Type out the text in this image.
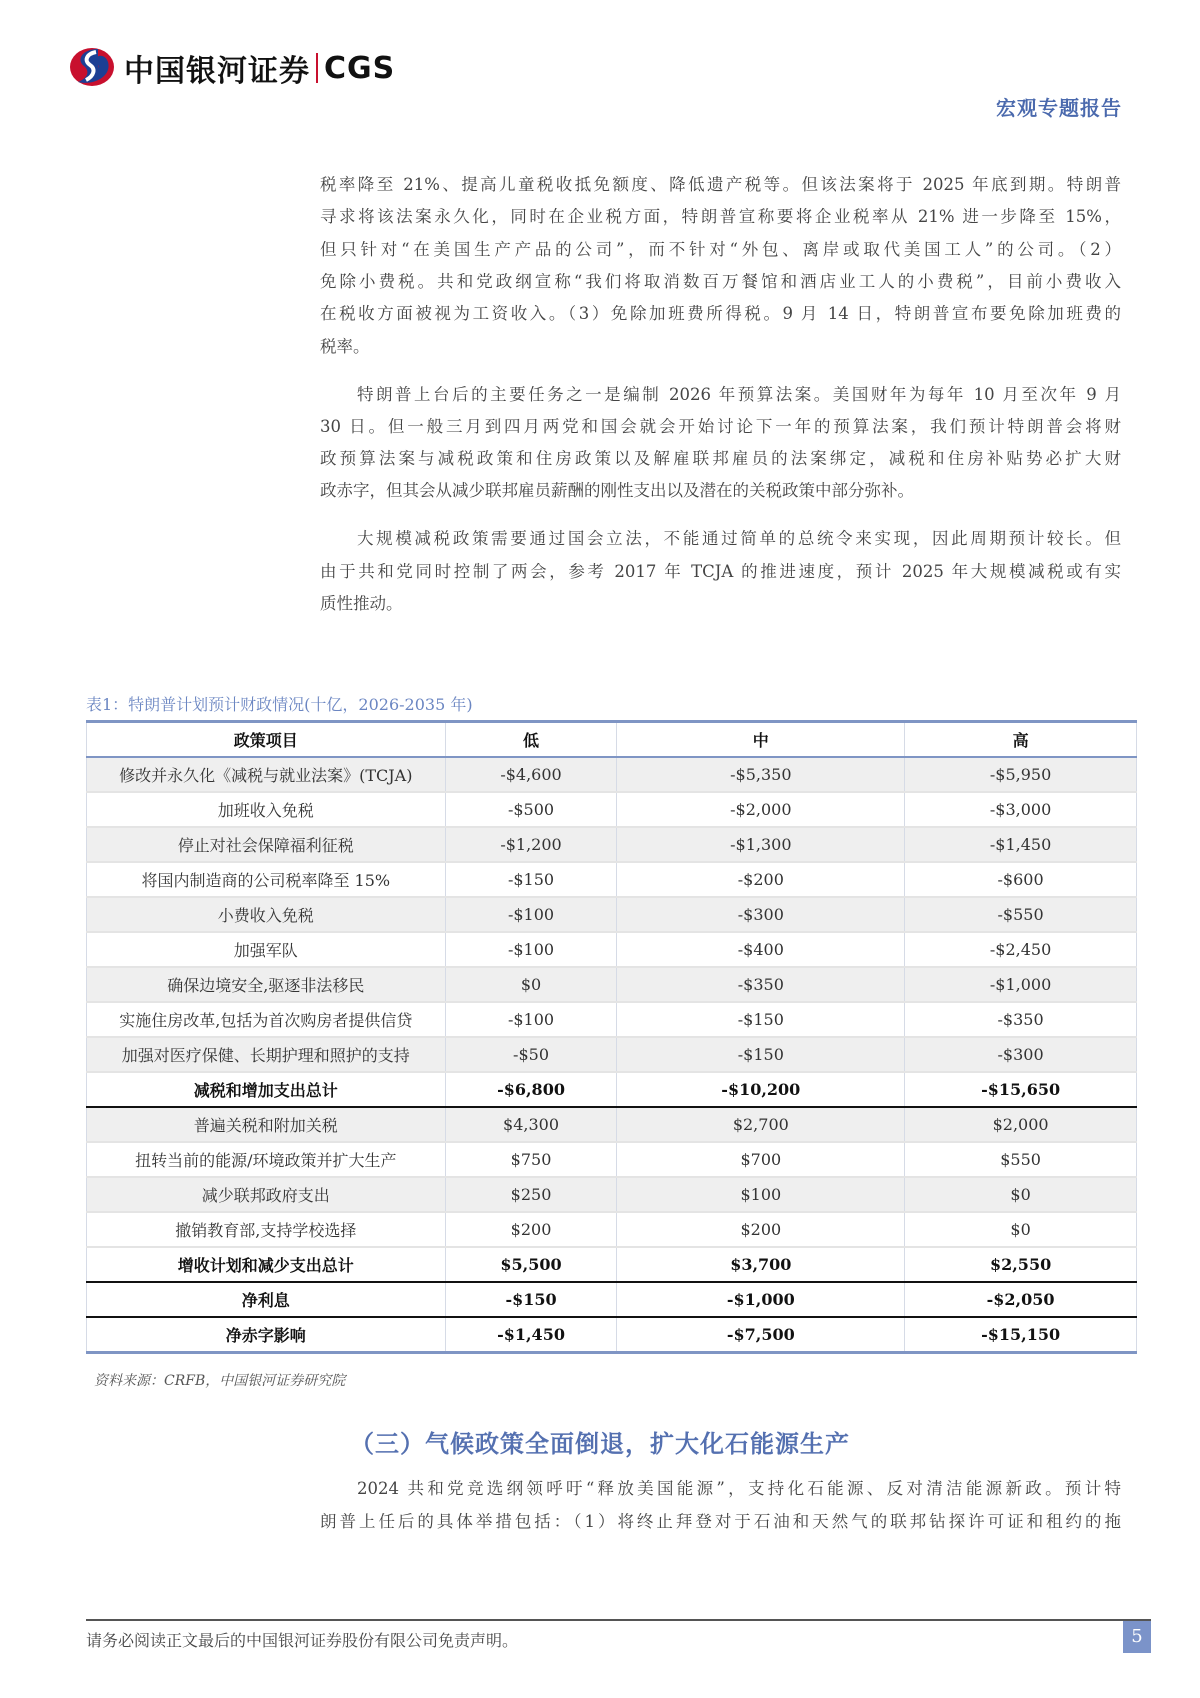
中国银河证券 CGS
宏观专题报告
税率降至 21%、提高儿童税收抵免额度、降低遗产税等。但该法案将于 2025 年底到期。特朗普
寻求将该法案永久化，同时在企业税方面，特朗普宣称要将企业税率从 21% 进一步降至 15%，
但只针对“在美国生产产品的公司”，而不针对“外包、离岸或取代美国工人”的公司。（2）
免除小费税。共和党政纲宣称“我们将取消数百万餐馆和酒店业工人的小费税”，目前小费收入
在税收方面被视为工资收入。（3）免除加班费所得税。9 月 14 日，特朗普宣布要免除加班费的
税率。
特朗普上台后的主要任务之一是编制 2026 年预算法案。美国财年为每年 10 月至次年 9 月
30 日。但一般三月到四月两党和国会就会开始讨论下一年的预算法案，我们预计特朗普会将财
政预算法案与减税政策和住房政策以及解雇联邦雇员的法案绑定，减税和住房补贴势必扩大财
政赤字，但其会从减少联邦雇员薪酬的刚性支出以及潜在的关税政策中部分弥补。
大规模减税政策需要通过国会立法，不能通过简单的总统令来实现，因此周期预计较长。但
由于共和党同时控制了两会，参考 2017 年 TCJA 的推进速度，预计 2025 年大规模减税或有实
质性推动。
表1：特朗普计划预计财政情况(十亿，2026-2035 年)
政策项目	低	中	高
修改并永久化《减税与就业法案》(TCJA)	-$4,600	-$5,350	-$5,950
加班收入免税	-$500	-$2,000	-$3,000
停止对社会保障福利征税	-$1,200	-$1,300	-$1,450
将国内制造商的公司税率降至 15%	-$150	-$200	-$600
小费收入免税	-$100	-$300	-$550
加强军队	-$100	-$400	-$2,450
确保边境安全,驱逐非法移民	$0	-$350	-$1,000
实施住房改革,包括为首次购房者提供信贷	-$100	-$150	-$350
加强对医疗保健、长期护理和照护的支持	-$50	-$150	-$300
减税和增加支出总计	-$6,800	-$10,200	-$15,650
普遍关税和附加关税	$4,300	$2,700	$2,000
扭转当前的能源/环境政策并扩大生产	$750	$700	$550
减少联邦政府支出	$250	$100	$0
撤销教育部,支持学校选择	$200	$200	$0
增收计划和减少支出总计	$5,500	$3,700	$2,550
净利息	-$150	-$1,000	-$2,050
净赤字影响	-$1,450	-$7,500	-$15,150
资料来源：CRFB，中国银河证券研究院
（三）气候政策全面倒退，扩大化石能源生产
2024 共和党竞选纲领呼吁“释放美国能源”，支持化石能源、反对清洁能源新政。预计特
朗普上任后的具体举措包括：（1）将终止拜登对于石油和天然气的联邦钻探许可证和租约的拖
请务必阅读正文最后的中国银河证券股份有限公司免责声明。	5
